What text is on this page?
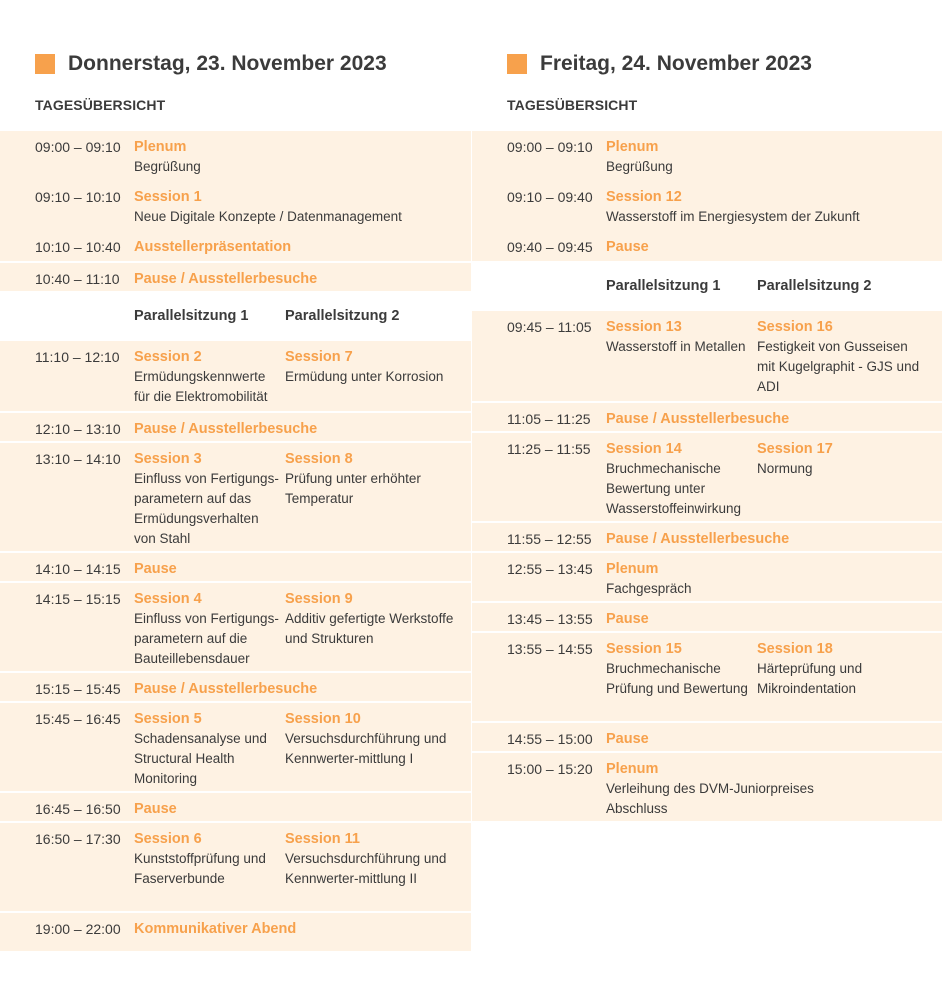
Donnerstag, 23. November 2023
TAGESÜBERSICHT
09:00 – 09:10 Plenum
Begrüßung
09:10 – 10:10 Session 1
Neue Digitale Konzepte / Datenmanagement
10:10 – 10:40 Ausstellerpräsentation
10:40 – 11:10 Pause / Ausstellerbesuche
Parallelsitzung 1	Parallelsitzung 2
11:10 – 12:10 Session 2
Ermüdungskennwerte für die Elektromobilität
Session 7
Ermüdung unter Korrosion
12:10 – 13:10 Pause / Ausstellerbesuche
13:10 – 14:10 Session 3
Einfluss von Fertigungs-parametern auf das Ermüdungsverhalten von Stahl
Session 8
Prüfung unter erhöhter Temperatur
14:10 – 14:15 Pause
14:15 – 15:15 Session 4
Einfluss von Fertigungs-parametern auf die Bauteillebensdauer
Session 9
Additiv gefertigte Werkstoffe und Strukturen
15:15 – 15:45 Pause / Ausstellerbesuche
15:45 – 16:45 Session 5
Schadensanalyse und Structural Health Monitoring
Session 10
Versuchsdurchführung und Kennwerter-mittlung I
16:45 – 16:50 Pause
16:50 – 17:30 Session 6
Kunststoffprüfung und Faserverbunde
Session 11
Versuchsdurchführung und Kennwerter-mittlung II
19:00 – 22:00 Kommunikativer Abend
Freitag, 24. November 2023
TAGESÜBERSICHT
09:00 – 09:10 Plenum
Begrüßung
09:10 – 09:40 Session 12
Wasserstoff im Energiesystem der Zukunft
09:40 – 09:45 Pause
Parallelsitzung 1	Parallelsitzung 2
09:45 – 11:05 Session 13
Wasserstoff in Metallen
Session 16
Festigkeit von Gusseisen mit Kugelgraphit - GJS und ADI
11:05 – 11:25 Pause / Ausstellerbesuche
11:25 – 11:55 Session 14
Bruchmechanische Bewertung unter Wasserstoffeinwirkung
Session 17
Normung
11:55 – 12:55 Pause / Ausstellerbesuche
12:55 – 13:45 Plenum
Fachgespräch
13:45 – 13:55 Pause
13:55 – 14:55 Session 15
Bruchmechanische Prüfung und Bewertung
Session 18
Härteprüfung und Mikroindentation
14:55 – 15:00 Pause
15:00 – 15:20 Plenum
Verleihung des DVM-Juniorpreises Abschluss
